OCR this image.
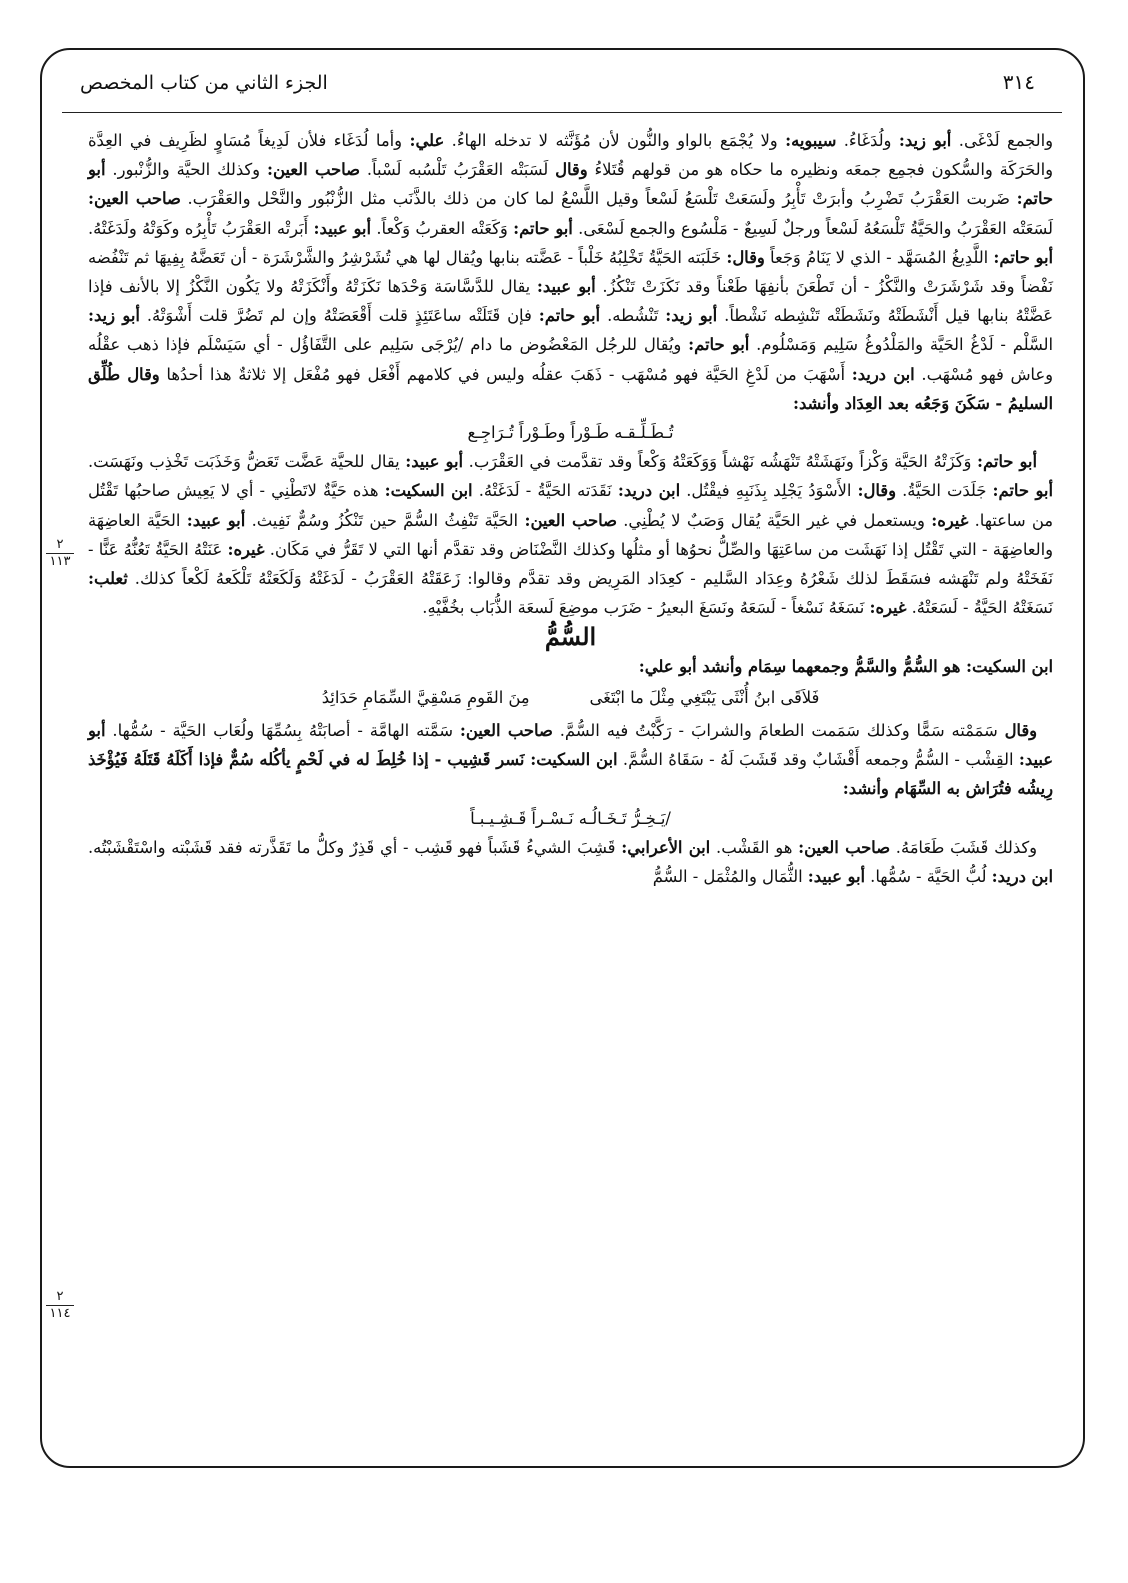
٣١٤
الجزء الثاني من كتاب المخصص
٢
١١٣
٢
١١٤

والجمع لَدْغَى. أبو زيد: ولُدَغَاءُ. سيبويه: ولا يُجْمَع بالواو والنُّون لأن مُؤَنَّثه لا تدخله الهاءُ. علي: وأما لُدَغَاء فلأن لَدِيغاً مُسَاوٍ لظَرِيف في العِدَّة والحَرَكَة والسُّكون فجمِع جمعَه ونظيره ما حكاه هو من قولهم قُتَلاءُ وقال لَسَبَتْه العَقْرَبُ تَلْسُبه لَسْباً. صاحب العين: وكذلك الحيَّة والزُّنْبور. أبو حاتم: ضَربت العَقْرَبُ تَضْرِبُ وأبرَتْ تَأْبِرُ ولَسَعَتْ تَلْسَعُ لَسْعاً وقيل اللَّسْعُ لما كان من ذلك بالذَّنَب مثل الزُّنْبُور والنَّحْل والعَقْرَب. صاحب العين: لَسَعَتْه العَقْرَبُ والحَيَّةُ تَلْسَعُهُ لَسْعاً ورجلٌ لَسِيعٌ - مَلْسُوع والجمع لَسْعَى. أبو حاتم: وَكَعَتْه العقربُ وَكْعاً. أبو عبيد: أَبَرتْه العَقْرَبُ تَأْبِرُه وكَوَتْهُ ولَدَغَتْهُ. أبو حاتم: اللَّدِيغُ المُسَهَّد - الذي لا يَنَامُ وَجَعاً وقال: خَلَبَته الحَيَّةُ تَخْلِبُهُ خَلْباً - عَضَّته بنابها ويُقال لها هي تُشَرْشِرُ والشَّرْشَرَة - أن تَعَضَّهُ بِفِيهَا ثم تَنْفُضه نَفْضاً وقد شَرْشَرَتْ والنَّكْزُ - أن تَطْعَنَ بأنفِهَا طَعْناً وقد نَكَزَتْ تَنْكُزُ. أبو عبيد: يقال للدَّسَّاسَة وَحْدَها نَكَزَتْهُ وأَنْكَزَتْهُ ولا يَكُون النَّكْزُ إلا بالأنف فإذا عَضَّتْهُ بنابها قيل أَنْشَطَتْهُ ونَشَطَتْه تَنْشِطه نَشْطاً. أبو زيد: تَنْشُطه. أبو حاتم: فإن قَتَلَتْه ساعَتَئِذٍ قلت أَقْعَصَتْهُ وإن لم تَضُرَّ قلت أَشْوَتْهُ. أبو زيد: السَّلْم - لَدْغُ الحَيَّة والمَلْدُوغُ سَلِيم وَمَسْلُوم. أبو حاتم: ويُقال للرجُل المَعْضُوض ما دام /يُرْجَى سَلِيم على التَّفَاؤُل - أي سَيَسْلَم فإذا ذهب عقْلُه وعاش فهو مُسْهَب. ابن دريد: أَسْهَبَ من لَدْغِ الحَيَّة فهو مُسْهَب - ذَهَبَ عقلُه وليس في كلامهم أَفْعَل فهو مُفْعَل إلا ثلاثةٌ هذا أحدُها وقال طُلِّق السليمُ - سَكَنَ وَجَعُه بعد العِدَاد وأنشد:

تُـطَـلِّـقـه طَـوْراً وطَـوْراً تُـرَاجِـع

أبو حاتم: وَكَزَتْهُ الحَيَّة وَكْزاً ونَهَشَتْهُ تَنْهَشُه نَهْشاً وَوَكَعَتْهُ وَكْعاً وقد تقدَّمت في العَقْرَب. أبو عبيد: يقال للحيَّة عَضَّت تَعَضُّ وَخَذَبَت تَخْذِب ونَهَسَت. أبو حاتم: جَلَدَت الحَيَّةُ. وقال: الأَسْوَدُ يَجْلِد بِذَنَبِهِ فيقْتُل. ابن دريد: نَقَدَته الحَيَّةُ - لَدَغَتْهُ. ابن السكيت: هذه حَيَّةٌ لاتَطْنِي - أي لا يَعِيش صاحبُها تَقْتُل من ساعتها. غيره: ويستعمل في غير الحَيَّة يُقال وَصَبٌ لا يُطْنِي. صاحب العين: الحَيَّة تَنْفِثُ السُّمَّ حين تَنْكُزُ وسُمٌّ نَفِيث. أبو عبيد: الحَيَّة العاضِهَة والعاضِهَة - التي تَقْتُل إذا نَهَشَت من ساعَتِهَا والصِّلُّ نحوُها أو مثلُها وكذلك النَّضْنَاض وقد تقدَّم أنها التي لا تَقَرُّ في مَكَان. غيره: عَنَتْهُ الحَيَّةُ تَعُنُّهُ عَنًّا - نَفَخَتْهُ ولم تَنْهَشه فسَقَطَ لذلك شَعْرُهُ وعِدَاد السَّليم - كعِدَاد المَرِيض وقد تقدَّم وقالوا: زَعَقَتْهُ العَقْرَبُ - لَدَغَتْهُ وَلَكَعَتْهُ تَلْكَعهُ لَكْعاً كذلك. ثعلب: نَسَغَتْهُ الحَيَّةُ - لَسَعَتْهُ. غيره: نَسَغَهُ نَسْغاً - لَسَعَهُ ونَسَغَ البعيرُ - ضَرَب موضِعَ لَسعَة الذُّبَاب بخُفَّيْهِ.

السُّمُّ

ابن السكيت: هو السُّمُّ والسَّمُّ وجمعهما سِمَام وأنشد أبو علي:

فَلاَقَى ابنُ أُنْثَى يَبْتَغِي مِثْلَ ما ابْتَغَى
مِنَ القَومِ مَسْقِيَّ السِّمَامِ حَدَائِدُ

وقال سَمَمْته سَمًّا وكذلك سَمَمت الطعامَ والشرابَ - رَكَّبْتُ فيه السُّمَّ. صاحب العين: سَمَّته الهامَّة - أصابَتْهُ بِسُمِّهَا ولُعَاب الحَيَّة - سُمُّها. أبو عبيد: القِشْب - السُّمُّ وجمعه أَقْشَابٌ وقد قَشَبَ لَهُ - سَقَاهُ السُّمَّ. ابن السكيت: نَسر قَشِيب - إذا خُلِطَ له في لَحْمٍ يأكُله سُمٌّ فإذا أَكَلَهُ قَتَلَهُ فَيُؤْخَذ رِيشُه فتُرَاش به السِّهَام وأنشد:

/يَـخِـرُّ تَـخَـالُـه نَـسْـراً قَـشِـيـبـاً

وكذلك قَشَبَ طَعَامَهُ. صاحب العين: هو القَشْب. ابن الأعرابي: قَشِبَ الشيءُ قَشَباً فهو قَشِب - أي قَذِرٌ وكلُّ ما تَقَذَّرته فقد قَشَبْته واسْتَقْشَبْتُه. ابن دريد: لُبُّ الحَيَّة - سُمُّها. أبو عبيد: الثُّمَال والمُثْمَل - السُّمُّ
